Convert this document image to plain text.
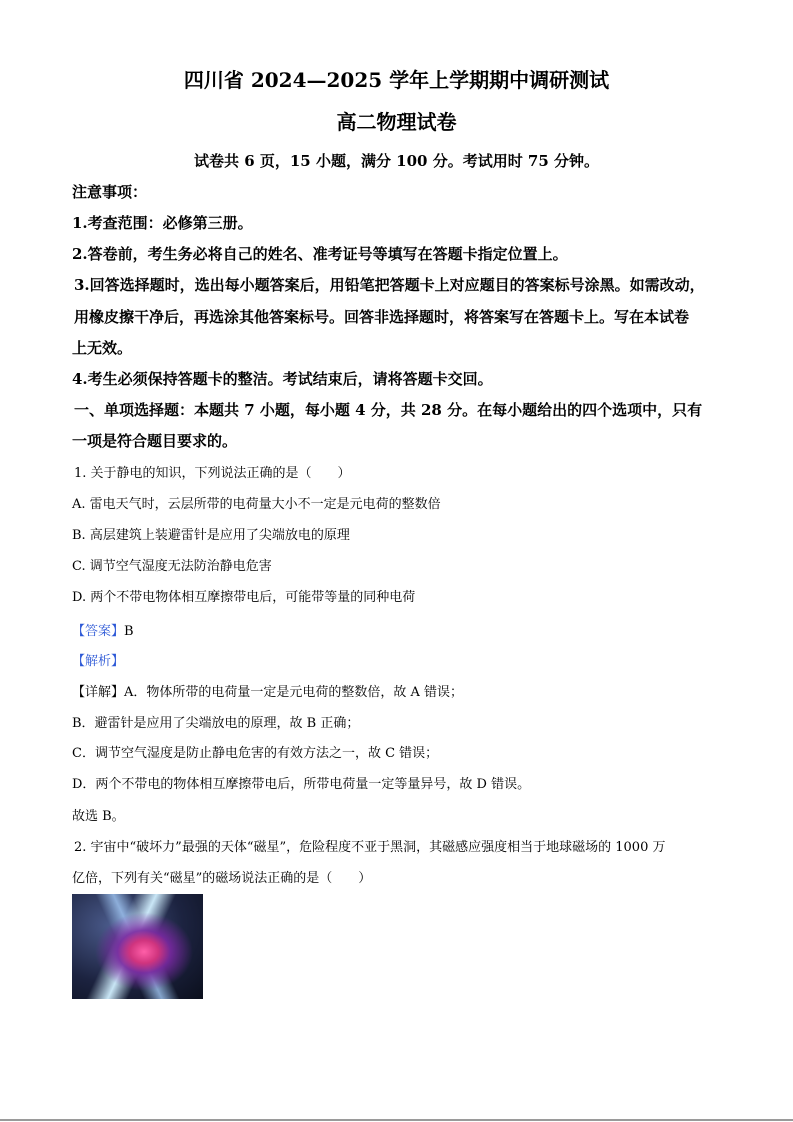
四川省 2024—2025 学年上学期期中调研测试
高二物理试卷
试卷共 6 页，15 小题，满分 100 分。考试用时 75 分钟。
注意事项：
1.考查范围：必修第三册。
2.答卷前，考生务必将自己的姓名、准考证号等填写在答题卡指定位置上。
3.回答选择题时，选出每小题答案后，用铅笔把答题卡上对应题目的答案标号涂黑。如需改动，
用橡皮擦干净后，再选涂其他答案标号。回答非选择题时，将答案写在答题卡上。写在本试卷
上无效。
4.考生必须保持答题卡的整洁。考试结束后，请将答题卡交回。
一、单项选择题：本题共 7 小题，每小题 4 分，共 28 分。在每小题给出的四个选项中，只有
一项是符合题目要求的。
1. 关于静电的知识，下列说法正确的是（　　）
A. 雷电天气时，云层所带的电荷量大小不一定是元电荷的整数倍
B. 高层建筑上装避雷针是应用了尖端放电的原理
C. 调节空气湿度无法防治静电危害
D. 两个不带电物体相互摩擦带电后，可能带等量的同种电荷
【答案】B
【解析】
【详解】A．物体所带的电荷量一定是元电荷的整数倍，故 A 错误；
B．避雷针是应用了尖端放电的原理，故 B 正确；
C．调节空气湿度是防止静电危害的有效方法之一，故 C 错误；
D．两个不带电的物体相互摩擦带电后，所带电荷量一定等量异号，故 D 错误。
故选 B。
2. 宇宙中“破坏力”最强的天体“磁星”，危险程度不亚于黑洞，其磁感应强度相当于地球磁场的 1000 万
亿倍，下列有关“磁星”的磁场说法正确的是（　　）
